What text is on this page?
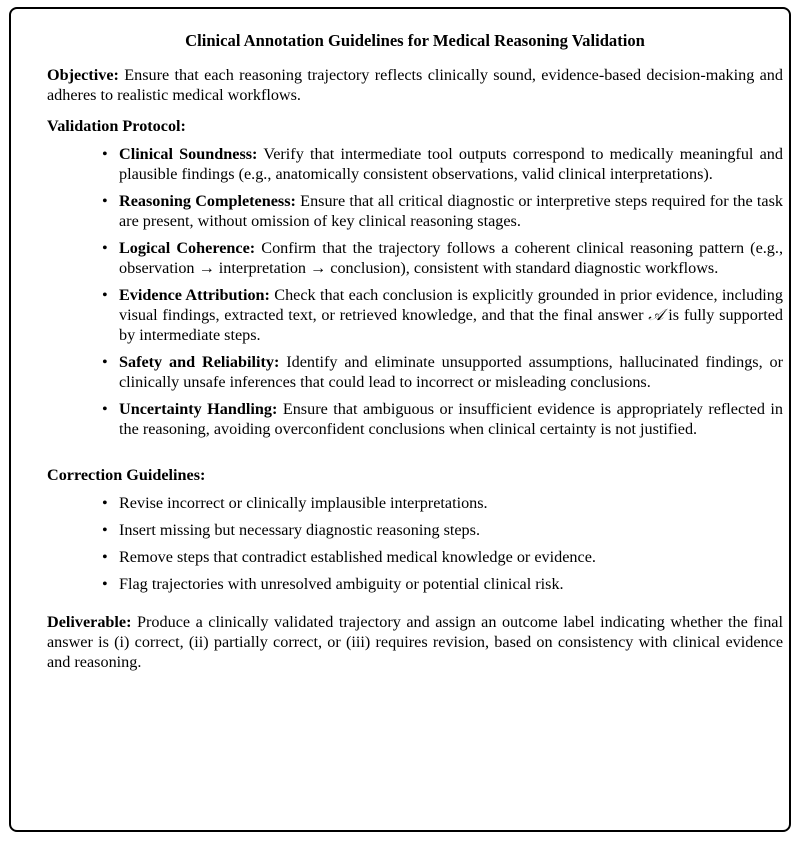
Clinical Annotation Guidelines for Medical Reasoning Validation

Objective: Ensure that each reasoning trajectory reflects clinically sound, evidence-based decision-making and adheres to realistic medical workflows.

Validation Protocol:

• Clinical Soundness: Verify that intermediate tool outputs correspond to medically meaningful and plausible findings (e.g., anatomically consistent observations, valid clinical interpretations).
• Reasoning Completeness: Ensure that all critical diagnostic or interpretive steps required for the task are present, without omission of key clinical reasoning stages.
• Logical Coherence: Confirm that the trajectory follows a coherent clinical reasoning pattern (e.g., observation → interpretation → conclusion), consistent with standard diagnostic workflows.
• Evidence Attribution: Check that each conclusion is explicitly grounded in prior evidence, including visual findings, extracted text, or retrieved knowledge, and that the final answer 𝒜 is fully supported by intermediate steps.
• Safety and Reliability: Identify and eliminate unsupported assumptions, hallucinated findings, or clinically unsafe inferences that could lead to incorrect or misleading conclusions.
• Uncertainty Handling: Ensure that ambiguous or insufficient evidence is appropriately reflected in the reasoning, avoiding overconfident conclusions when clinical certainty is not justified.

Correction Guidelines:

• Revise incorrect or clinically implausible interpretations.
• Insert missing but necessary diagnostic reasoning steps.
• Remove steps that contradict established medical knowledge or evidence.
• Flag trajectories with unresolved ambiguity or potential clinical risk.

Deliverable: Produce a clinically validated trajectory and assign an outcome label indicating whether the final answer is (i) correct, (ii) partially correct, or (iii) requires revision, based on consistency with clinical evidence and reasoning.
